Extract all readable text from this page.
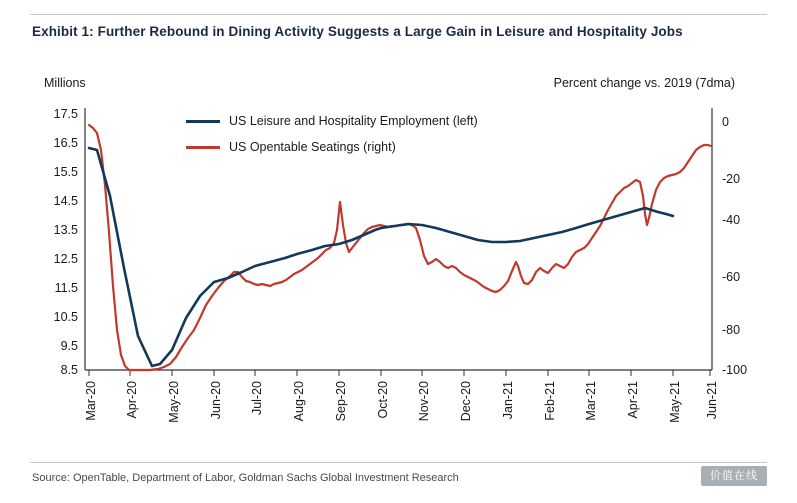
Exhibit 1: Further Rebound in Dining Activity Suggests a Large Gain in Leisure and Hospitality Jobs
Millions	Percent change vs. 2019 (7dma)
17.5
16.5
15.5
14.5
13.5
12.5
11.5
10.5
9.5
8.5
0
-20
-40
-60
-80
-100
Mar-20 Apr-20 May-20 Jun-20 Jul-20 Aug-20 Sep-20 Oct-20 Nov-20 Dec-20 Jan-21 Feb-21 Mar-21 Apr-21 May-21 Jun-21
US Leisure and Hospitality Employment (left)
US Opentable Seatings (right)
Source: OpenTable, Department of Labor, Goldman Sachs Global Investment Research	价值在线
